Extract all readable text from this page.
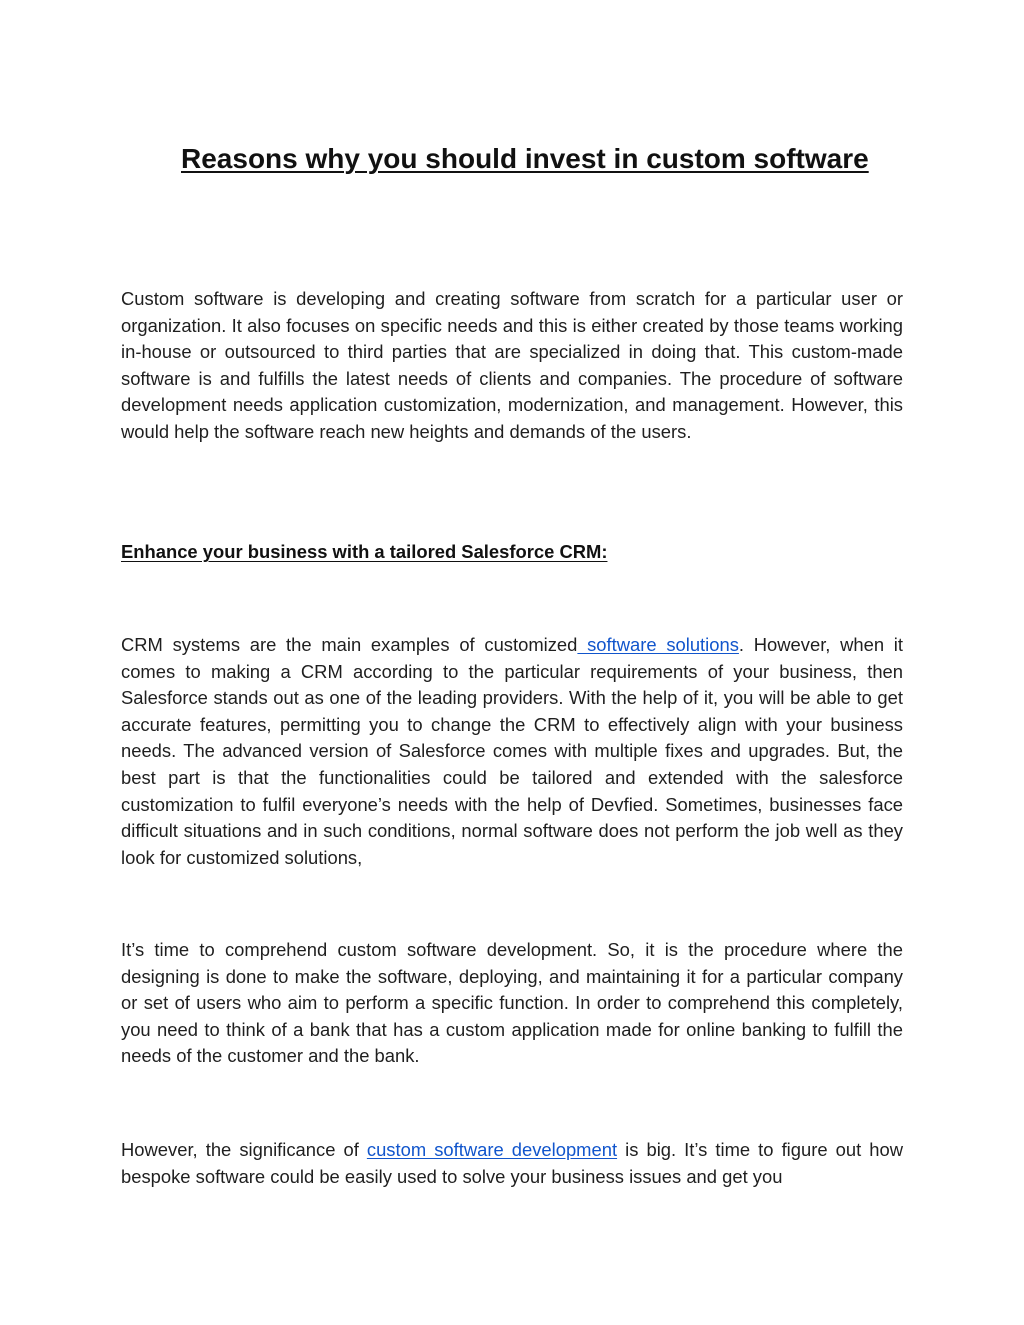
Reasons why you should invest in custom software

Custom software is developing and creating software from scratch for a particular user or organization. It also focuses on specific needs and this is either created by those teams working in-house or outsourced to third parties that are specialized in doing that. This custom-made software is and fulfills the latest needs of clients and companies. The procedure of software development needs application customization, modernization, and management. However, this would help the software reach new heights and demands of the users.

Enhance your business with a tailored Salesforce CRM:

CRM systems are the main examples of customized software solutions. However, when it comes to making a CRM according to the particular requirements of your business, then Salesforce stands out as one of the leading providers. With the help of it, you will be able to get accurate features, permitting you to change the CRM to effectively align with your business needs. The advanced version of Salesforce comes with multiple fixes and upgrades. But, the best part is that the functionalities could be tailored and extended with the salesforce customization to fulfil everyone’s needs with the help of Devfied. Sometimes, businesses face difficult situations and in such conditions, normal software does not perform the job well as they look for customized solutions,

It’s time to comprehend custom software development. So, it is the procedure where the designing is done to make the software, deploying, and maintaining it for a particular company or set of users who aim to perform a specific function. In order to comprehend this completely, you need to think of a bank that has a custom application made for online banking to fulfill the needs of the customer and the bank.

However, the significance of custom software development is big. It’s time to figure out how bespoke software could be easily used to solve your business issues and get you
